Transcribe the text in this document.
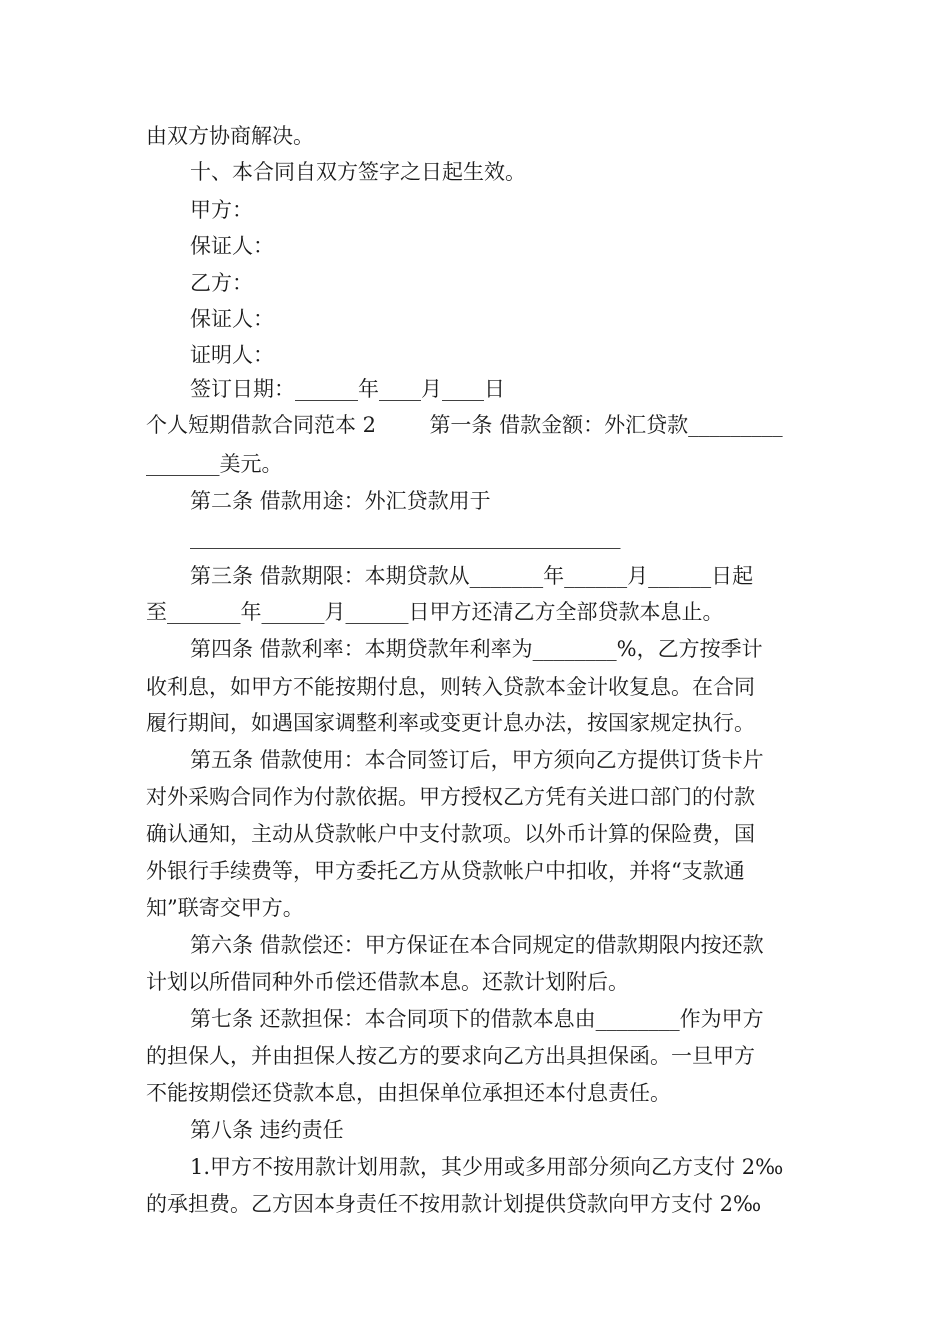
由双方协商解决。
十、本合同自双方签字之日起生效。
甲方：
保证人：
乙方：
保证人：
证明人：
签订日期：______年____月____日
个人短期借款合同范本 2        第一条 借款金额：外汇贷款_________
_______美元。
第二条 借款用途：外汇贷款用于
_________________________________________
第三条 借款期限：本期贷款从_______年______月______日起
至_______年______月______日甲方还清乙方全部贷款本息止。
第四条 借款利率：本期贷款年利率为________%，乙方按季计
收利息，如甲方不能按期付息，则转入贷款本金计收复息。在合同
履行期间，如遇国家调整利率或变更计息办法，按国家规定执行。
第五条 借款使用：本合同签订后，甲方须向乙方提供订货卡片
对外采购合同作为付款依据。甲方授权乙方凭有关进口部门的付款
确认通知，主动从贷款帐户中支付款项。以外币计算的保险费，国
外银行手续费等，甲方委托乙方从贷款帐户中扣收，并将“支款通
知”联寄交甲方。
第六条 借款偿还：甲方保证在本合同规定的借款期限内按还款
计划以所借同种外币偿还借款本息。还款计划附后。
第七条 还款担保：本合同项下的借款本息由________作为甲方
的担保人，并由担保人按乙方的要求向乙方出具担保函。一旦甲方
不能按期偿还贷款本息，由担保单位承担还本付息责任。
第八条 违约责任
1.甲方不按用款计划用款，其少用或多用部分须向乙方支付 2‰
的承担费。乙方因本身责任不按用款计划提供贷款向甲方支付 2‰
